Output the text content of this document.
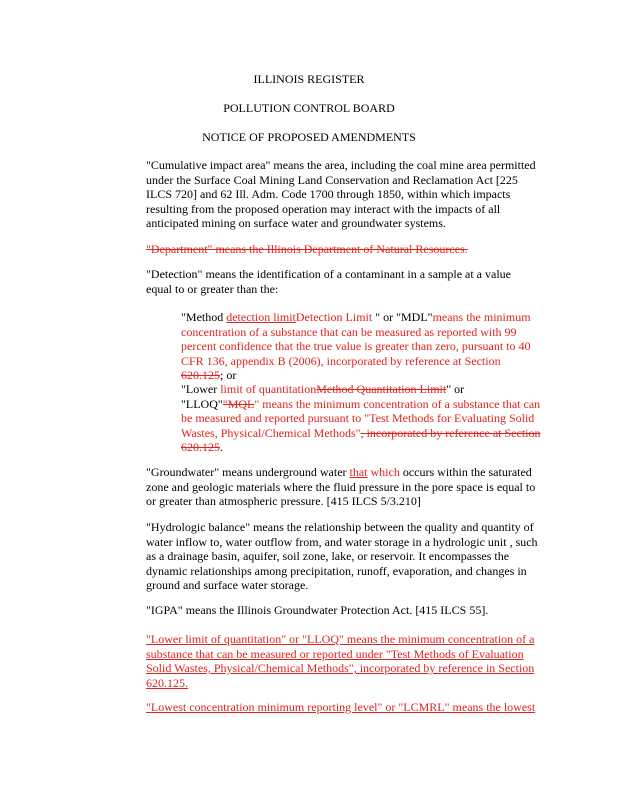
ILLINOIS REGISTER
POLLUTION CONTROL BOARD
NOTICE OF PROPOSED AMENDMENTS
"Cumulative impact area" means the area, including the coal mine area permitted under the Surface Coal Mining Land Conservation and Reclamation Act [225 ILCS 720] and 62 Ill. Adm. Code 1700 through 1850, within which impacts resulting from the proposed operation may interact with the impacts of all anticipated mining on surface water and groundwater systems.
"Department" means the Illinois Department of Natural Resources.
"Detection" means the identification of a contaminant in a sample at a value equal to or greater than the:
"Method detection limitDetection Limit " or "MDL"means the minimum concentration of a substance that can be measured as reported with 99 percent confidence that the true value is greater than zero, pursuant to 40 CFR 136, appendix B (2006), incorporated by reference at Section 620.125; or
"Lower limit of quantitationMethod Quantitation Limit" or
"LLOQ""MQL" means the minimum concentration of a substance that can be measured and reported pursuant to "Test Methods for Evaluating Solid Wastes, Physical/Chemical Methods", incorporated by reference at Section 620.125.
"Groundwater" means underground water that which occurs within the saturated zone and geologic materials where the fluid pressure in the pore space is equal to or greater than atmospheric pressure. [415 ILCS 5/3.210]
"Hydrologic balance" means the relationship between the quality and quantity of water inflow to, water outflow from, and water storage in a hydrologic unit , such as a drainage basin, aquifer, soil zone, lake, or reservoir. It encompasses the dynamic relationships among precipitation, runoff, evaporation, and changes in ground and surface water storage.
"IGPA" means the Illinois Groundwater Protection Act. [415 ILCS 55].
"Lower limit of quantitation" or "LLOQ" means the minimum concentration of a substance that can be measured or reported under "Test Methods of Evaluation Solid Wastes, Physical/Chemical Methods", incorporated by reference in Section 620.125.
"Lowest concentration minimum reporting level" or "LCMRL" means the lowest
